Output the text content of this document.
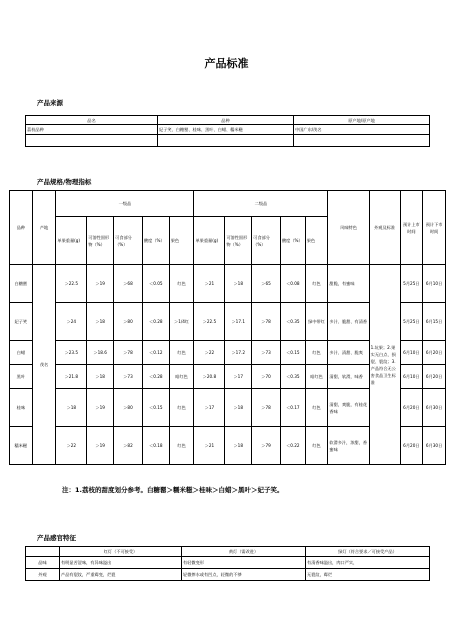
产品标准
产品来源
品名	品种	原产地/原产地
荔枝品种	妃子笑、白糖罂、桂味、黑叶、白蜡、糯米糍	中国广东/茂名

产品规格/物理指标
品种	产地	一级品					二级品					风味特色	外观及标准	预计上市时间	预计下市时间
		单果重量(g)	可溶性固形物（%）	可食部分（%）	酸度（%）	果色	单果重量(g)	可溶性固形物（%）	可食部分（%）	酸度（%）	果色				
白糖罂	茂名	＞22.5	＞19	＞68	＜0.05	红色	＞21	＞18	＞65	＜0.08	红色	甜脆，有蜜味	1.坑果；2.果实无白点、损裂、裂纹；3.产品符合无公害食品卫生标准	5月25日	6月10日
妃子笑		＞24	＞18	＞80	＜0.28	＞1/4红	＞22.5	＞17.1	＞78	＜0.35	绿中带红	多汁、脆甜、有清香		5月25日	6月15日
白蜡		＞23.5	＞18.6	＞78	＜0.12	红色	＞22	＞17.2	＞73	＜0.15	红色	多汁、清甜、脆爽		6月10日	6月20日
黑叶		＞21.8	＞18	＞73	＜0.28	暗红色	＞20.8	＞17	＞70	＜0.35	暗红色	清甜，软滑，味香		6月10日	6月20日
桂味		＞18	＞19	＞80	＜0.15	红色	＞17	＞18	＞78	＜0.17	红色	清甜，爽脆，有桂花香味		6月20日	6月30日
糯米糍		＞22	＞19	＞82	＜0.18	红色	＞21	＞18	＞79	＜0.22	红色	软滑多汁，浓甜，香蜜味		6月20日	6月30日
注：1.荔枝的甜度划分参考。白糖罂＞糯米糍＞桂味＞白蜡＞黑叶＞妃子笑。
产品感官特征
	红灯（不可接受）	黄灯（需改进）	绿灯（符合要求／可接受产品）
品味	有明显苦涩味，有异味溢出	有轻微变形	有清香味溢出，肉口严实，
外观	产品有裂纹，严重霉变，烂裂	轻微摔水或有凹点，轻微的不够	无裂纹，霉烂
